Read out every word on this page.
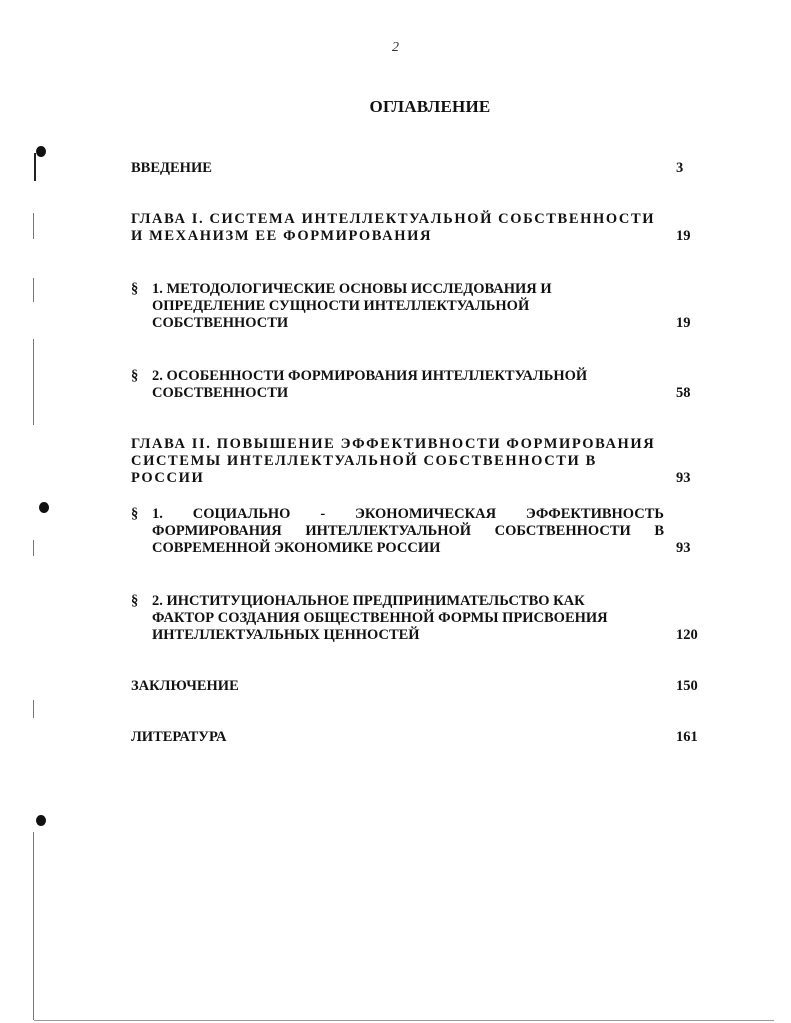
2
ОГЛАВЛЕНИЕ
ВВЕДЕНИЕ	3
ГЛАВА I. СИСТЕМА ИНТЕЛЛЕКТУАЛЬНОЙ СОБСТВЕННОСТИ
И МЕХАНИЗМ ЕЕ ФОРМИРОВАНИЯ	19
§ 1. МЕТОДОЛОГИЧЕСКИЕ ОСНОВЫ ИССЛЕДОВАНИЯ И
ОПРЕДЕЛЕНИЕ СУЩНОСТИ ИНТЕЛЛЕКТУАЛЬНОЙ
СОБСТВЕННОСТИ	19
§ 2. ОСОБЕННОСТИ ФОРМИРОВАНИЯ ИНТЕЛЛЕКТУАЛЬНОЙ
СОБСТВЕННОСТИ	58
ГЛАВА II. ПОВЫШЕНИЕ ЭФФЕКТИВНОСТИ ФОРМИРОВАНИЯ
СИСТЕМЫ ИНТЕЛЛЕКТУАЛЬНОЙ СОБСТВЕННОСТИ В
РОССИИ	93
§ 1. СОЦИАЛЬНО - ЭКОНОМИЧЕСКАЯ ЭФФЕКТИВНОСТЬ
ФОРМИРОВАНИЯ ИНТЕЛЛЕКТУАЛЬНОЙ СОБСТВЕННОСТИ В
СОВРЕМЕННОЙ ЭКОНОМИКЕ РОССИИ	93
§ 2. ИНСТИТУЦИОНАЛЬНОЕ ПРЕДПРИНИМАТЕЛЬСТВО КАК
ФАКТОР СОЗДАНИЯ ОБЩЕСТВЕННОЙ ФОРМЫ ПРИСВОЕНИЯ
ИНТЕЛЛЕКТУАЛЬНЫХ ЦЕННОСТЕЙ	120
ЗАКЛЮЧЕНИЕ	150
ЛИТЕРАТУРА	161
